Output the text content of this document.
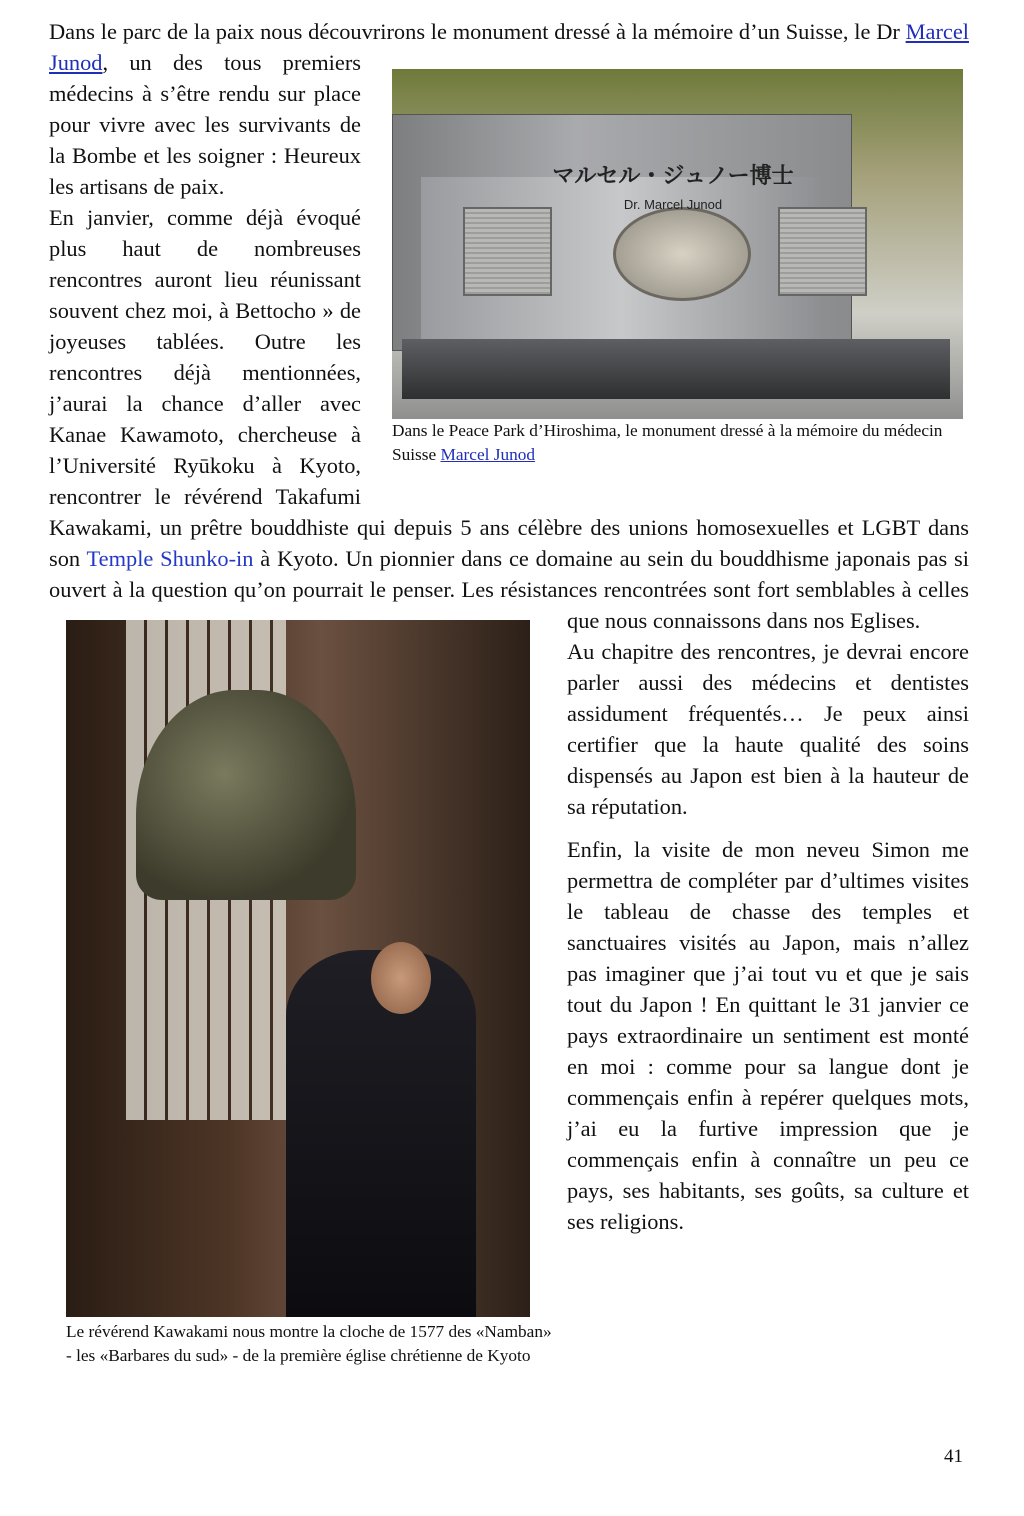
マルセル・ジュノー博士
Dr. Marcel Junod
Dans le Peace Park d’Hiroshima, le monument dressé à la mémoire du médecin Suisse Marcel Junod
Le révérend Kawakami nous montre la cloche de 1577 des «Namban» - les «Barbares du sud» - de la première église chrétienne de Kyoto

Dans le parc de la paix nous découvrirons le monument dressé à la mémoire d’un Suisse, le Dr Marcel Junod, un des tous premiers médecins à s’être rendu sur place pour vivre avec les survivants de la Bombe et les soigner : Heureux les artisans de paix.

En janvier, comme déjà évoqué plus haut de nombreuses rencontres auront lieu réunissant souvent chez moi, à Bettocho » de joyeuses tablées. Outre les rencontres déjà mentionnées, j’aurai la chance d’aller avec Kanae Kawamoto, chercheuse à l’Université Ryūkoku à Kyoto, rencontrer le révérend Takafumi Kawakami, un prêtre bouddhiste qui depuis 5 ans célèbre des unions homosexuelles et LGBT dans son Temple Shunko-in à Kyoto. Un pionnier dans ce domaine au sein du bouddhisme japonais pas si ouvert à la question qu’on pourrait le penser. Les résistances rencontrées sont fort semblables à celles que nous connaissons dans nos Eglises.

Au chapitre des rencontres, je devrai encore parler aussi des médecins et dentistes assidument fréquentés… Je peux ainsi certifier que la haute qualité des soins dispensés au Japon est bien à la hauteur de sa réputation.

Enfin, la visite de mon neveu Simon me permettra de compléter par d’ultimes visites le tableau de chasse des temples et sanctuaires visités au Japon, mais n’allez pas imaginer que j’ai tout vu et que je sais tout du Japon ! En quittant le 31 janvier ce pays extraordinaire un sentiment est monté en moi : comme pour sa langue dont je commençais enfin à repérer quelques mots, j’ai eu la furtive impression que je commençais enfin à connaître un peu ce pays, ses habitants, ses goûts, sa culture et ses religions.

41
